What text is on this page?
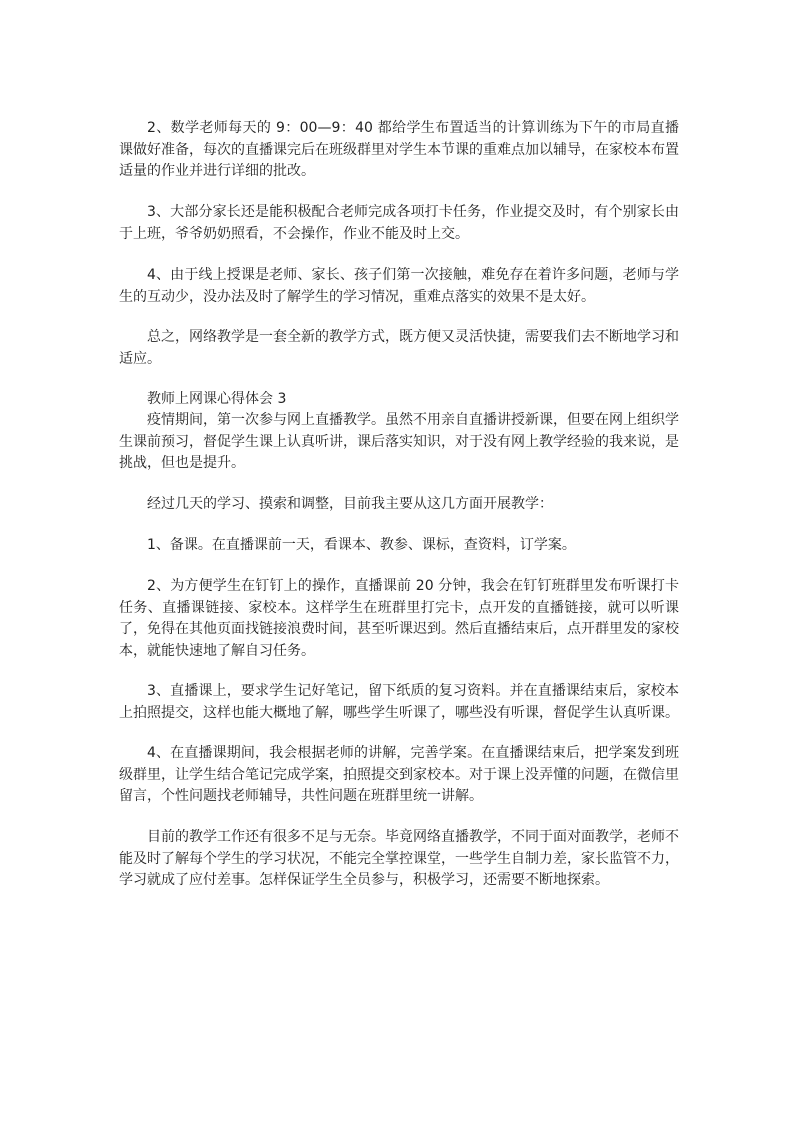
2、数学老师每天的 9：00—9：40 都给学生布置适当的计算训练为下午的市局直播课做好准备，每次的直播课完后在班级群里对学生本节课的重难点加以辅导，在家校本布置适量的作业并进行详细的批改。

3、大部分家长还是能积极配合老师完成各项打卡任务，作业提交及时，有个别家长由于上班，爷爷奶奶照看，不会操作，作业不能及时上交。

4、由于线上授课是老师、家长、孩子们第一次接触，难免存在着许多问题，老师与学生的互动少，没办法及时了解学生的学习情况，重难点落实的效果不是太好。

总之，网络教学是一套全新的教学方式，既方便又灵活快捷，需要我们去不断地学习和适应。

教师上网课心得体会 3

疫情期间，第一次参与网上直播教学。虽然不用亲自直播讲授新课，但要在网上组织学生课前预习，督促学生课上认真听讲，课后落实知识，对于没有网上教学经验的我来说，是挑战，但也是提升。

经过几天的学习、摸索和调整，目前我主要从这几方面开展教学：

1、备课。在直播课前一天，看课本、教参、课标，查资料，订学案。

2、为方便学生在钉钉上的操作，直播课前 20 分钟，我会在钉钉班群里发布听课打卡任务、直播课链接、家校本。这样学生在班群里打完卡，点开发的直播链接，就可以听课了，免得在其他页面找链接浪费时间，甚至听课迟到。然后直播结束后，点开群里发的家校本，就能快速地了解自习任务。

3、直播课上，要求学生记好笔记，留下纸质的复习资料。并在直播课结束后，家校本上拍照提交，这样也能大概地了解，哪些学生听课了，哪些没有听课，督促学生认真听课。

4、在直播课期间，我会根据老师的讲解，完善学案。在直播课结束后，把学案发到班级群里，让学生结合笔记完成学案，拍照提交到家校本。对于课上没弄懂的问题，在微信里留言，个性问题找老师辅导，共性问题在班群里统一讲解。

目前的教学工作还有很多不足与无奈。毕竟网络直播教学，不同于面对面教学，老师不能及时了解每个学生的学习状况，不能完全掌控课堂，一些学生自制力差，家长监管不力，学习就成了应付差事。怎样保证学生全员参与，积极学习，还需要不断地探索。
